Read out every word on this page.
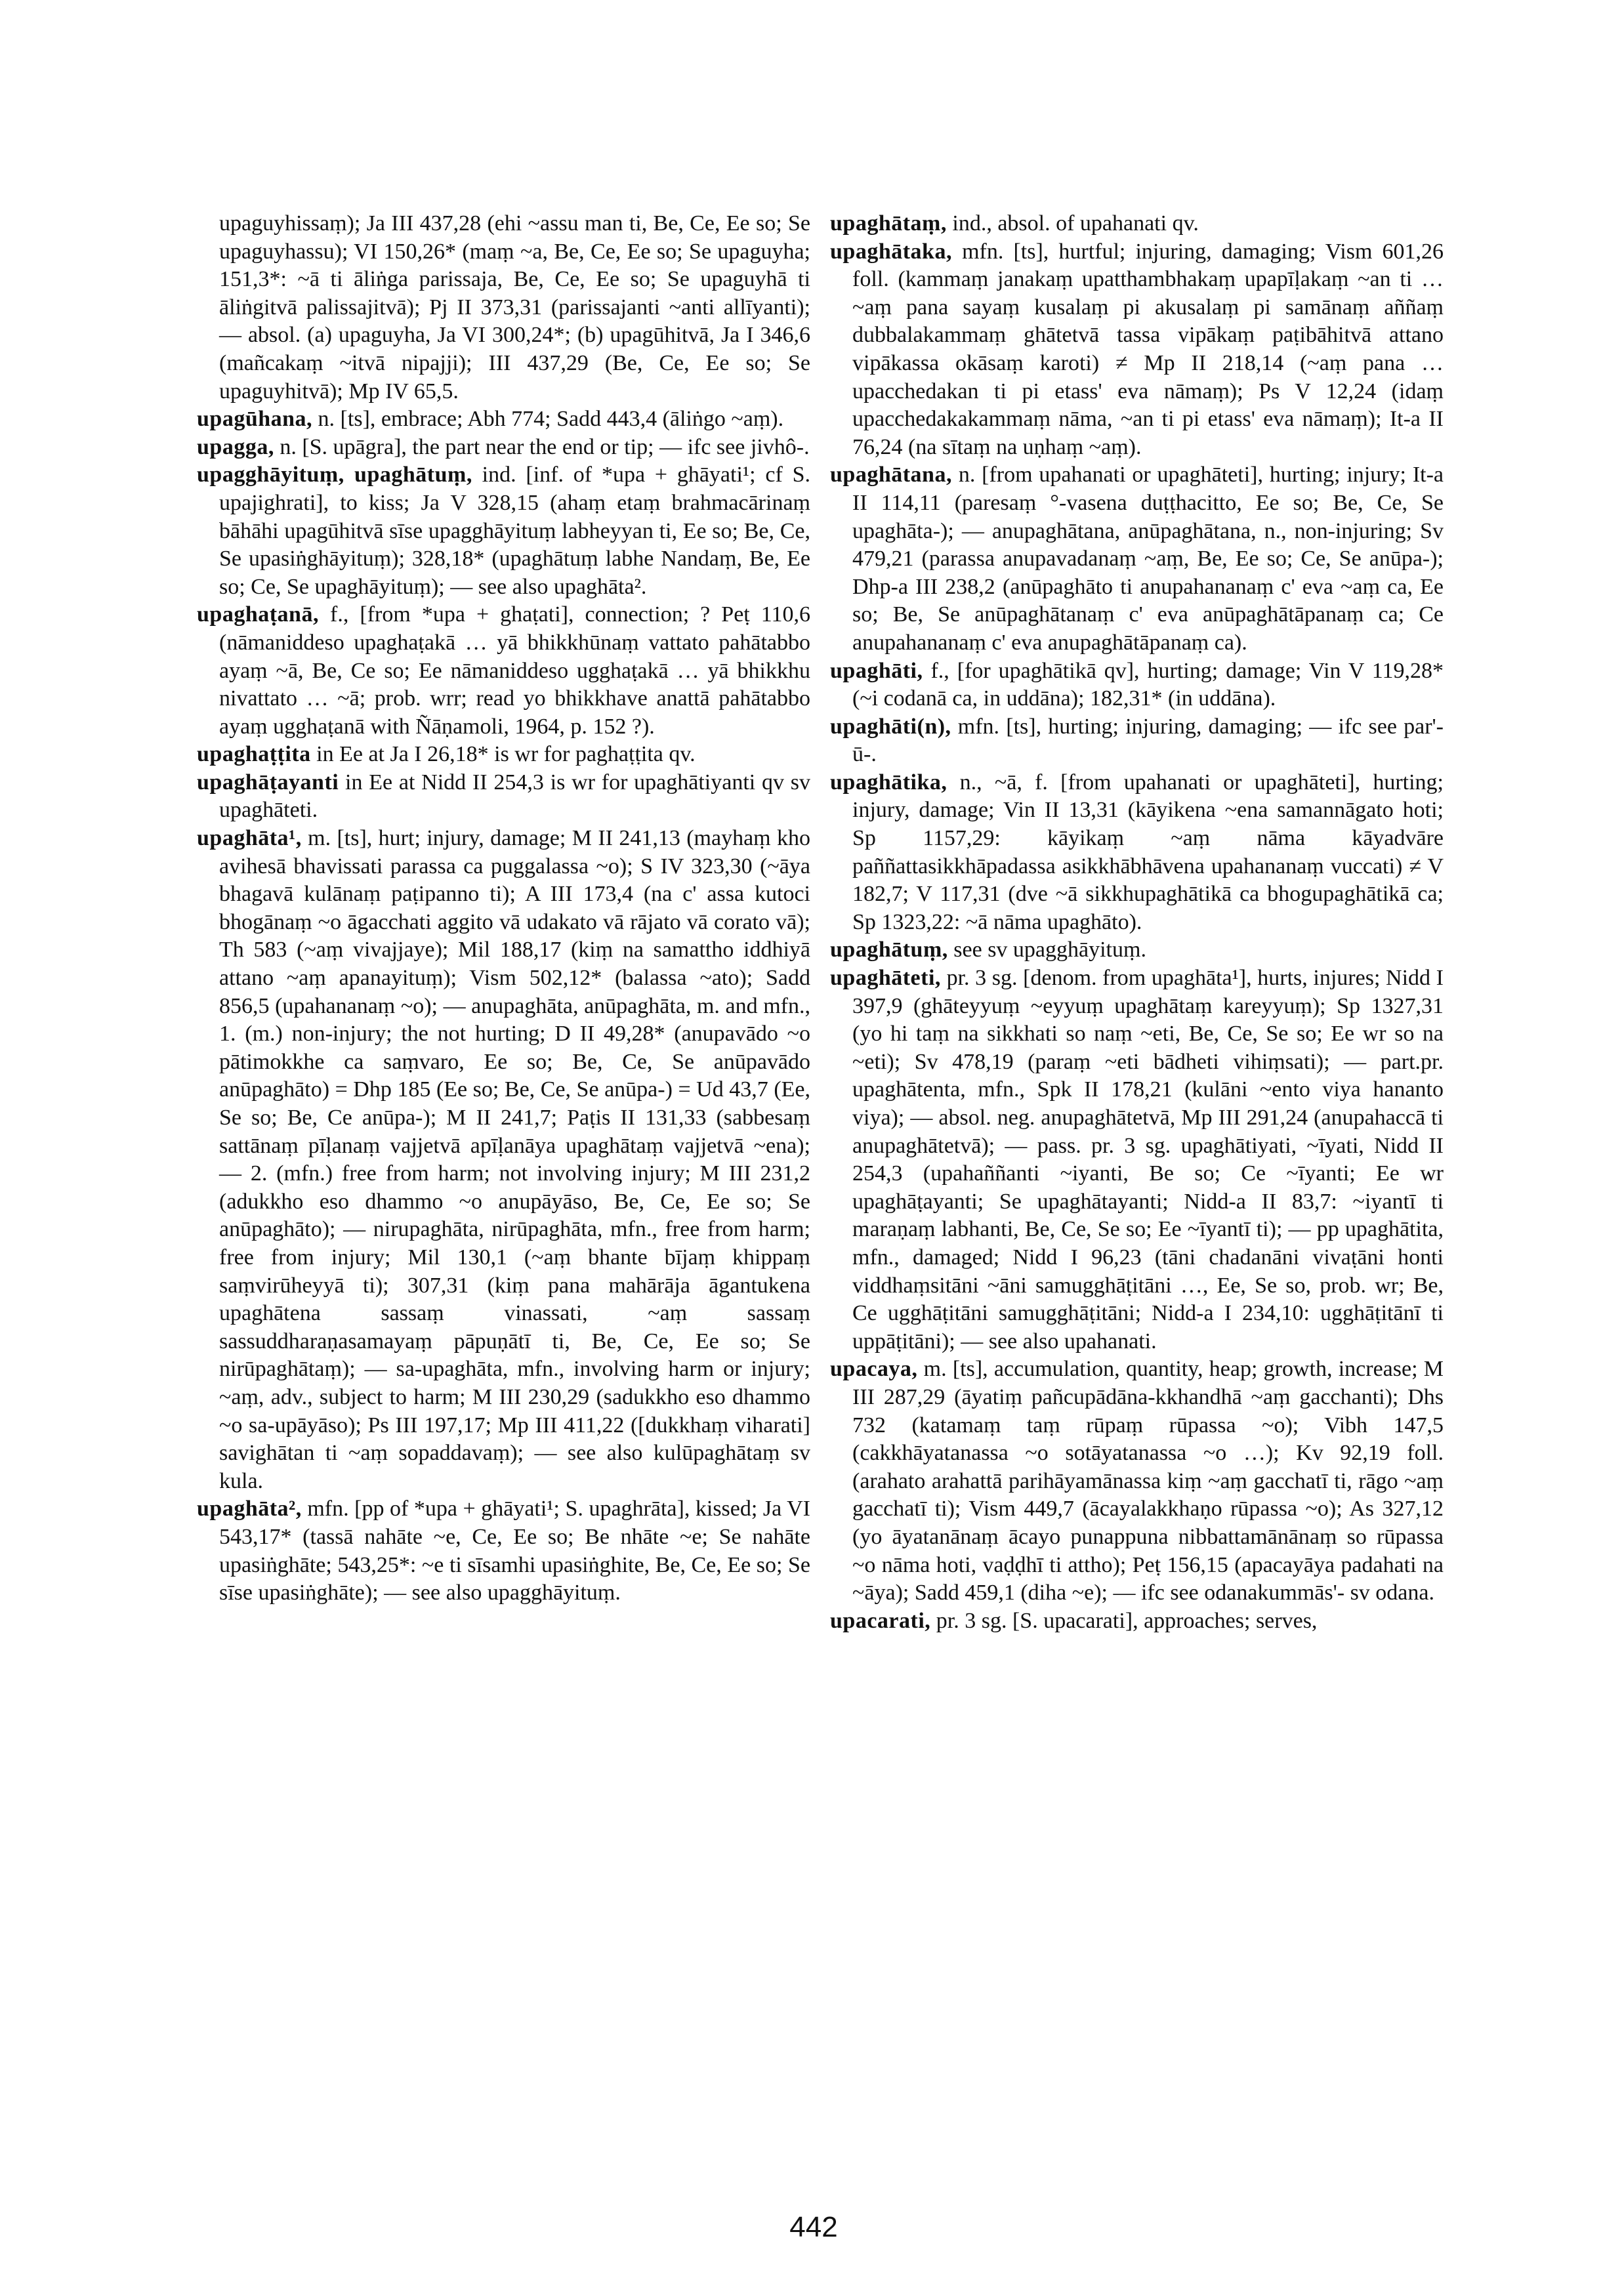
upaguyhissaṃ); Ja III 437,28 (ehi ~assu man ti, Be, Ce, Ee so; Se upaguyhassu); VI 150,26* (maṃ ~a, Be, Ce, Ee so; Se upaguyha; 151,3*: ~ā ti āliṅga parissaja, Be, Ce, Ee so; Se upaguyhā ti āliṅgitvā palissajitvā); Pj II 373,31 (parissajanti ~anti allīyanti); — absol. (a) upaguyha, Ja VI 300,24*; (b) upagūhitvā, Ja I 346,6 (mañcakaṃ ~itvā nipajji); III 437,29 (Be, Ce, Ee so; Se upaguyhitvā); Mp IV 65,5.

upagūhana, n. [ts], embrace; Abh 774; Sadd 443,4 (āliṅgo ~aṃ).

upagga, n. [S. upāgra], the part near the end or tip; — ifc see jivhô-.

upagghāyituṃ, upaghātuṃ, ind. [inf. of *upa + ghāyati¹; cf S. upajighrati], to kiss; Ja V 328,15 (ahaṃ etaṃ brahmacārinaṃ bāhāhi upagūhitvā sīse upagghāyituṃ labheyyan ti, Ee so; Be, Ce, Se upasiṅghāyituṃ); 328,18* (upaghātuṃ labhe Nandaṃ, Be, Ee so; Ce, Se upaghāyituṃ); — see also upaghāta².

upaghaṭanā, f., [from *upa + ghaṭati], connection; ? Peṭ 110,6 (nāmaniddeso upaghaṭakā … yā bhikkhūnaṃ vattato pahātabbo ayaṃ ~ā, Be, Ce so; Ee nāmaniddeso ugghaṭakā … yā bhikkhu nivattato … ~ā; prob. wrr; read yo bhikkhave anattā pahātabbo ayaṃ ugghaṭanā with Ñāṇamoli, 1964, p. 152 ?).

upaghaṭṭita in Ee at Ja I 26,18* is wr for paghaṭṭita qv.

upaghāṭayanti in Ee at Nidd II 254,3 is wr for upaghātiyanti qv sv upaghāteti.

upaghāta¹, m. [ts], hurt; injury, damage; M II 241,13 (mayhaṃ kho avihesā bhavissati parassa ca puggalassa ~o); S IV 323,30 (~āya bhagavā kulānaṃ paṭipanno ti); A III 173,4 (na c' assa kutoci bhogānaṃ ~o āgacchati aggito vā udakato vā rājato vā corato vā); Th 583 (~aṃ vivajjaye); Mil 188,17 (kiṃ na samattho iddhiyā attano ~aṃ apanayituṃ); Vism 502,12* (balassa ~ato); Sadd 856,5 (upahananaṃ ~o); — anupaghāta, anūpaghāta, m. and mfn., 1. (m.) non-injury; the not hurting; D II 49,28* (anupavādo ~o pātimokkhe ca saṃvaro, Ee so; Be, Ce, Se anūpavādo anūpaghāto) = Dhp 185 (Ee so; Be, Ce, Se anūpa-) = Ud 43,7 (Ee, Se so; Be, Ce anūpa-); M II 241,7; Paṭis II 131,33 (sabbesaṃ sattānaṃ pīḷanaṃ vajjetvā apīḷanāya upaghātaṃ vajjetvā ~ena); — 2. (mfn.) free from harm; not involving injury; M III 231,2 (adukkho eso dhammo ~o anupāyāso, Be, Ce, Ee so; Se anūpaghāto); — nirupaghāta, nirūpaghāta, mfn., free from harm; free from injury; Mil 130,1 (~aṃ bhante bījaṃ khippaṃ saṃvirūheyyā ti); 307,31 (kiṃ pana mahārāja āgantukena upaghātena sassaṃ vinassati, ~aṃ sassaṃ sassuddharaṇasamayaṃ pāpuṇātī ti, Be, Ce, Ee so; Se nirūpaghātaṃ); — sa-upaghāta, mfn., involving harm or injury; ~aṃ, adv., subject to harm; M III 230,29 (sadukkho eso dhammo ~o sa-upāyāso); Ps III 197,17; Mp III 411,22 ([dukkhaṃ viharati] savighātan ti ~aṃ sopaddavaṃ); — see also kulūpaghātaṃ sv kula.

upaghāta², mfn. [pp of *upa + ghāyati¹; S. upaghrāta], kissed; Ja VI 543,17* (tassā nahāte ~e, Ce, Ee so; Be nhāte ~e; Se nahāte upasiṅghāte; 543,25*: ~e ti sīsamhi upasiṅghite, Be, Ce, Ee so; Se sīse upasiṅghāte); — see also upagghāyituṃ.

upaghātaṃ, ind., absol. of upahanati qv.

upaghātaka, mfn. [ts], hurtful; injuring, damaging; Vism 601,26 foll. (kammaṃ janakaṃ upatthambhakaṃ upapīḷakaṃ ~an ti … ~aṃ pana sayaṃ kusalaṃ pi akusalaṃ pi samānaṃ aññaṃ dubbalakammaṃ ghātetvā tassa vipākaṃ paṭibāhitvā attano vipākassa okāsaṃ karoti) ≠ Mp II 218,14 (~aṃ pana … upacchedakan ti pi etass' eva nāmaṃ); Ps V 12,24 (idaṃ upacchedakakammaṃ nāma, ~an ti pi etass' eva nāmaṃ); It-a II 76,24 (na sītaṃ na uṇhaṃ ~aṃ).

upaghātana, n. [from upahanati or upaghāteti], hurting; injury; It-a II 114,11 (paresaṃ °-vasena duṭṭhacitto, Ee so; Be, Ce, Se upaghāta-); — anupaghātana, anūpaghātana, n., non-injuring; Sv 479,21 (parassa anupavadanaṃ ~aṃ, Be, Ee so; Ce, Se anūpa-); Dhp-a III 238,2 (anūpaghāto ti anupahananaṃ c' eva ~aṃ ca, Ee so; Be, Se anūpaghātanaṃ c' eva anūpaghātāpanaṃ ca; Ce anupahananaṃ c' eva anupaghātāpanaṃ ca).

upaghāti, f., [for upaghātikā qv], hurting; damage; Vin V 119,28* (~i codanā ca, in uddāna); 182,31* (in uddāna).

upaghāti(n), mfn. [ts], hurting; injuring, damaging; — ifc see par'-ū-.

upaghātika, n., ~ā, f. [from upahanati or upaghāteti], hurting; injury, damage; Vin II 13,31 (kāyikena ~ena samannāgato hoti; Sp 1157,29: kāyikaṃ ~aṃ nāma kāyadvāre paññattasikkhāpadassa asikkhābhāvena upahananaṃ vuccati) ≠ V 182,7; V 117,31 (dve ~ā sikkhupaghātikā ca bhogupaghātikā ca; Sp 1323,22: ~ā nāma upaghāto).

upaghātuṃ, see sv upagghāyituṃ.

upaghāteti, pr. 3 sg. [denom. from upaghāta¹], hurts, injures; Nidd I 397,9 (ghāteyyuṃ ~eyyuṃ upaghātaṃ kareyyuṃ); Sp 1327,31 (yo hi taṃ na sikkhati so naṃ ~eti, Be, Ce, Se so; Ee wr so na ~eti); Sv 478,19 (paraṃ ~eti bādheti vihiṃsati); — part.pr. upaghātenta, mfn., Spk II 178,21 (kulāni ~ento viya hananto viya); — absol. neg. anupaghātetvā, Mp III 291,24 (anupahaccā ti anupaghātetvā); — pass. pr. 3 sg. upaghātiyati, ~īyati, Nidd II 254,3 (upahaññanti ~iyanti, Be so; Ce ~īyanti; Ee wr upaghāṭayanti; Se upaghātayanti; Nidd-a II 83,7: ~iyantī ti maraṇaṃ labhanti, Be, Ce, Se so; Ee ~īyantī ti); — pp upaghātita, mfn., damaged; Nidd I 96,23 (tāni chadanāni vivaṭāni honti viddhaṃsitāni ~āni samugghāṭitāni …, Ee, Se so, prob. wr; Be, Ce ugghāṭitāni samugghāṭitāni; Nidd-a I 234,10: ugghāṭitānī ti uppāṭitāni); — see also upahanati.

upacaya, m. [ts], accumulation, quantity, heap; growth, increase; M III 287,29 (āyatiṃ pañcupādāna-kkhandhā ~aṃ gacchanti); Dhs 732 (katamaṃ taṃ rūpaṃ rūpassa ~o); Vibh 147,5 (cakkhāyatanassa ~o sotāyatanassa ~o …); Kv 92,19 foll. (arahato arahattā parihāyamānassa kiṃ ~aṃ gacchatī ti, rāgo ~aṃ gacchatī ti); Vism 449,7 (ācayalakkhaṇo rūpassa ~o); As 327,12 (yo āyatanānaṃ ācayo punappuna nibbattamānānaṃ so rūpassa ~o nāma hoti, vaḍḍhī ti attho); Peṭ 156,15 (apacayāya padahati na ~āya); Sadd 459,1 (diha ~e); — ifc see odanakummās'- sv odana.

upacarati, pr. 3 sg. [S. upacarati], approaches; serves,

442
